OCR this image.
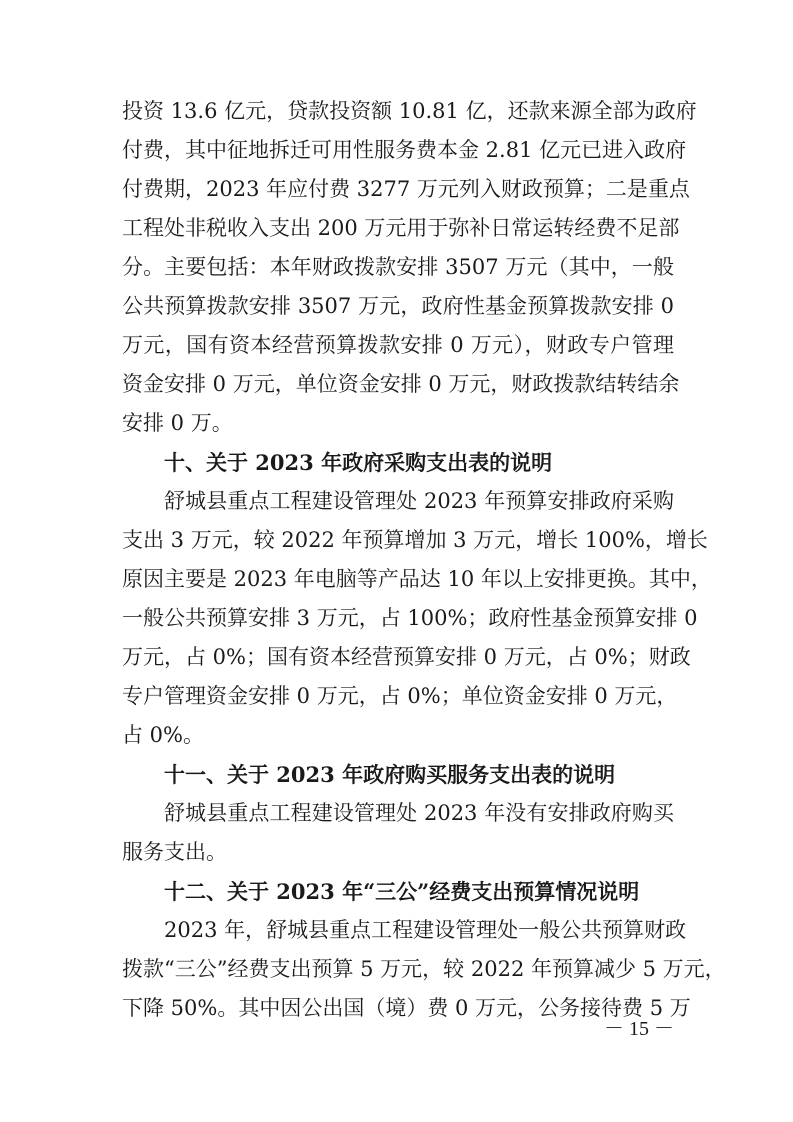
投资 13.6 亿元，贷款投资额 10.81 亿，还款来源全部为政府
付费，其中征地拆迁可用性服务费本金 2.81 亿元已进入政府
付费期，2023 年应付费 3277 万元列入财政预算；二是重点
工程处非税收入支出 200 万元用于弥补日常运转经费不足部
分。主要包括：本年财政拨款安排 3507 万元（其中，一般
公共预算拨款安排 3507 万元，政府性基金预算拨款安排 0
万元，国有资本经营预算拨款安排 0 万元），财政专户管理
资金安排 0 万元，单位资金安排 0 万元，财政拨款结转结余
安排 0 万。
十、关于 2023 年政府采购支出表的说明
舒城县重点工程建设管理处 2023 年预算安排政府采购
支出 3 万元，较 2022 年预算增加 3 万元，增长 100%，增长
原因主要是 2023 年电脑等产品达 10 年以上安排更换。其中，
一般公共预算安排 3 万元，占 100%；政府性基金预算安排 0
万元，占 0%；国有资本经营预算安排 0 万元，占 0%；财政
专户管理资金安排 0 万元，占 0%；单位资金安排 0 万元，
占 0%。
十一、关于 2023 年政府购买服务支出表的说明
舒城县重点工程建设管理处 2023 年没有安排政府购买
服务支出。
十二、关于 2023 年“三公”经费支出预算情况说明
2023 年，舒城县重点工程建设管理处一般公共预算财政
拨款“三公”经费支出预算 5 万元，较 2022 年预算减少 5 万元，
下降 50%。其中因公出国（境）费 0 万元，公务接待费 5 万
－ 15 －
